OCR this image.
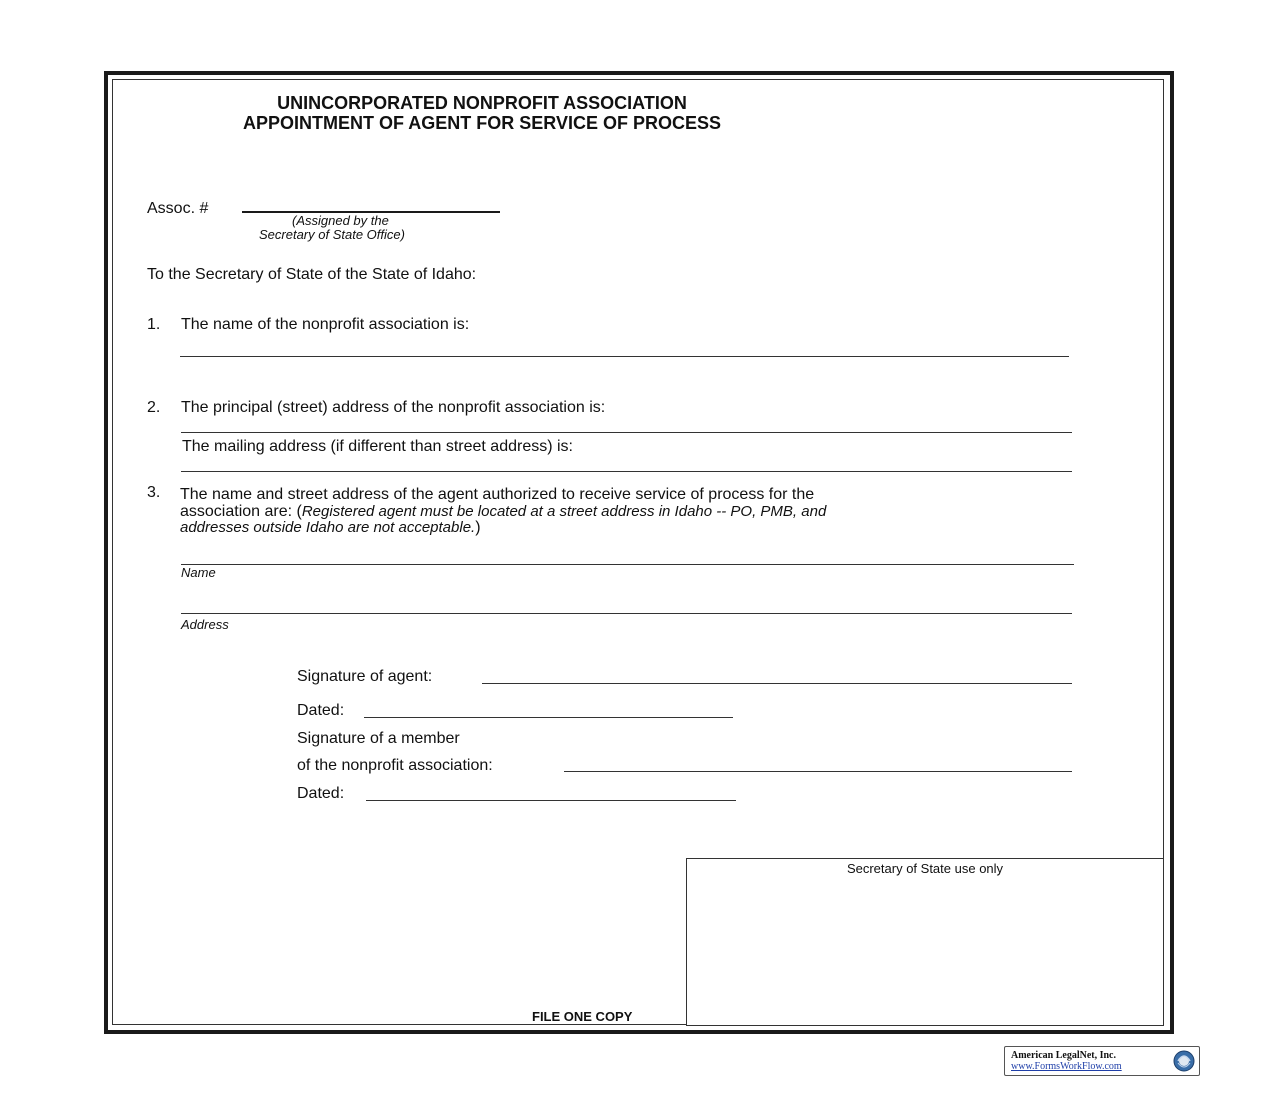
UNINCORPORATED NONPROFIT ASSOCIATION
APPOINTMENT OF AGENT FOR SERVICE OF PROCESS
Assoc. #
(Assigned by the
Secretary of State Office)
To the Secretary of State of the State of Idaho:
1. The name of the nonprofit association is:
2. The principal (street) address of the nonprofit association is:
The mailing address (if different than street address) is:
3. The name and street address of the agent authorized to receive service of process for the
association are: (Registered agent must be located at a street address in Idaho -- PO, PMB, and
addresses outside Idaho are not acceptable.)
Name
Address
Signature of agent:
Dated:
Signature of a member
of the nonprofit association:
Dated:
Secretary of State use only
FILE ONE COPY
American LegalNet, Inc.
www.FormsWorkFlow.com
